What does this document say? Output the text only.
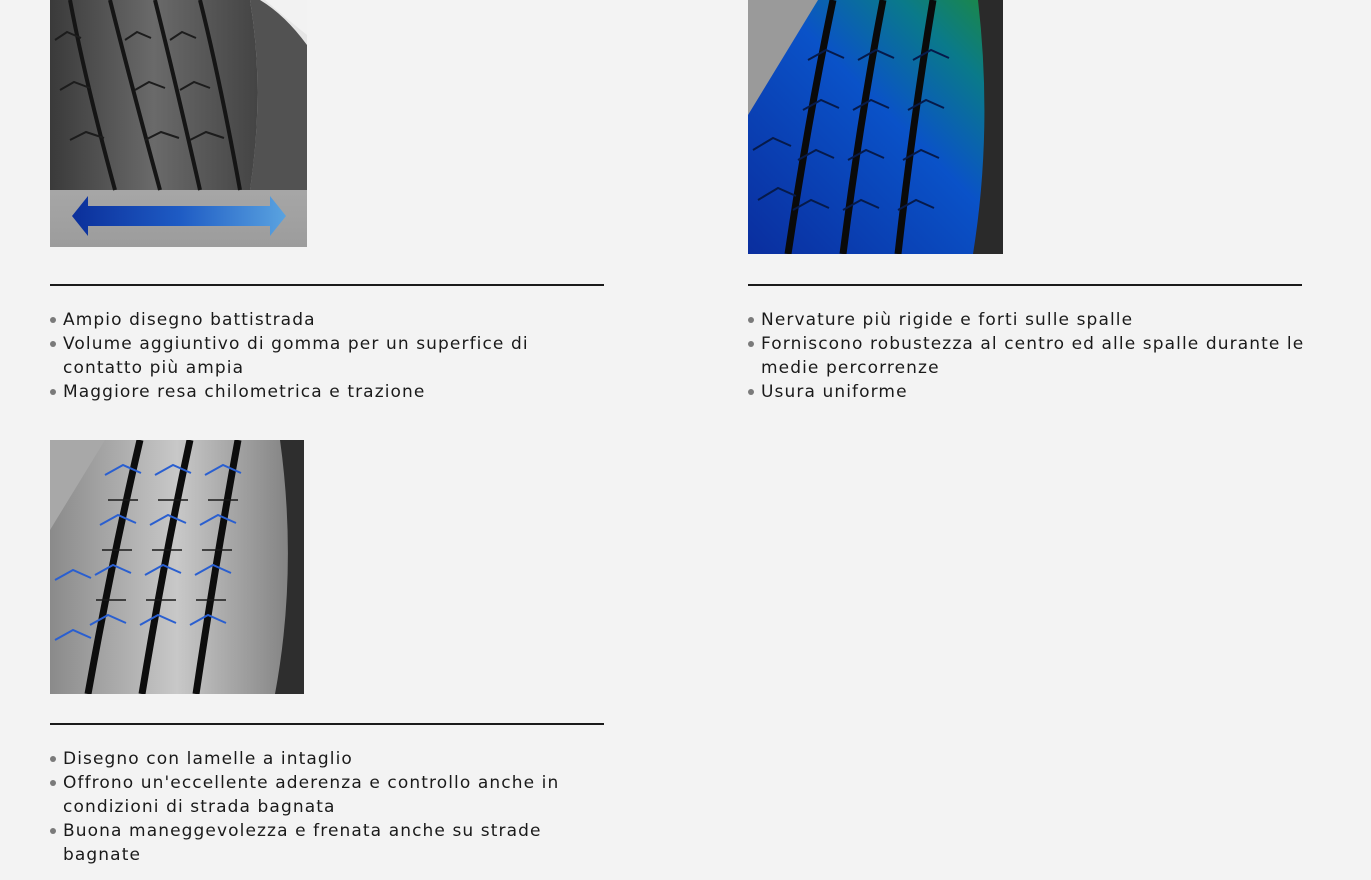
Ampio disegno battistrada
Volume aggiuntivo di gomma per un superfice di contatto più ampia
Maggiore resa chilometrica e trazione
Nervature più rigide e forti sulle spalle
Forniscono robustezza al centro ed alle spalle durante le medie percorrenze
Usura uniforme
Disegno con lamelle a intaglio
Offrono un'eccellente aderenza e controllo anche in condizioni di strada bagnata
Buona maneggevolezza e frenata anche su strade bagnate
